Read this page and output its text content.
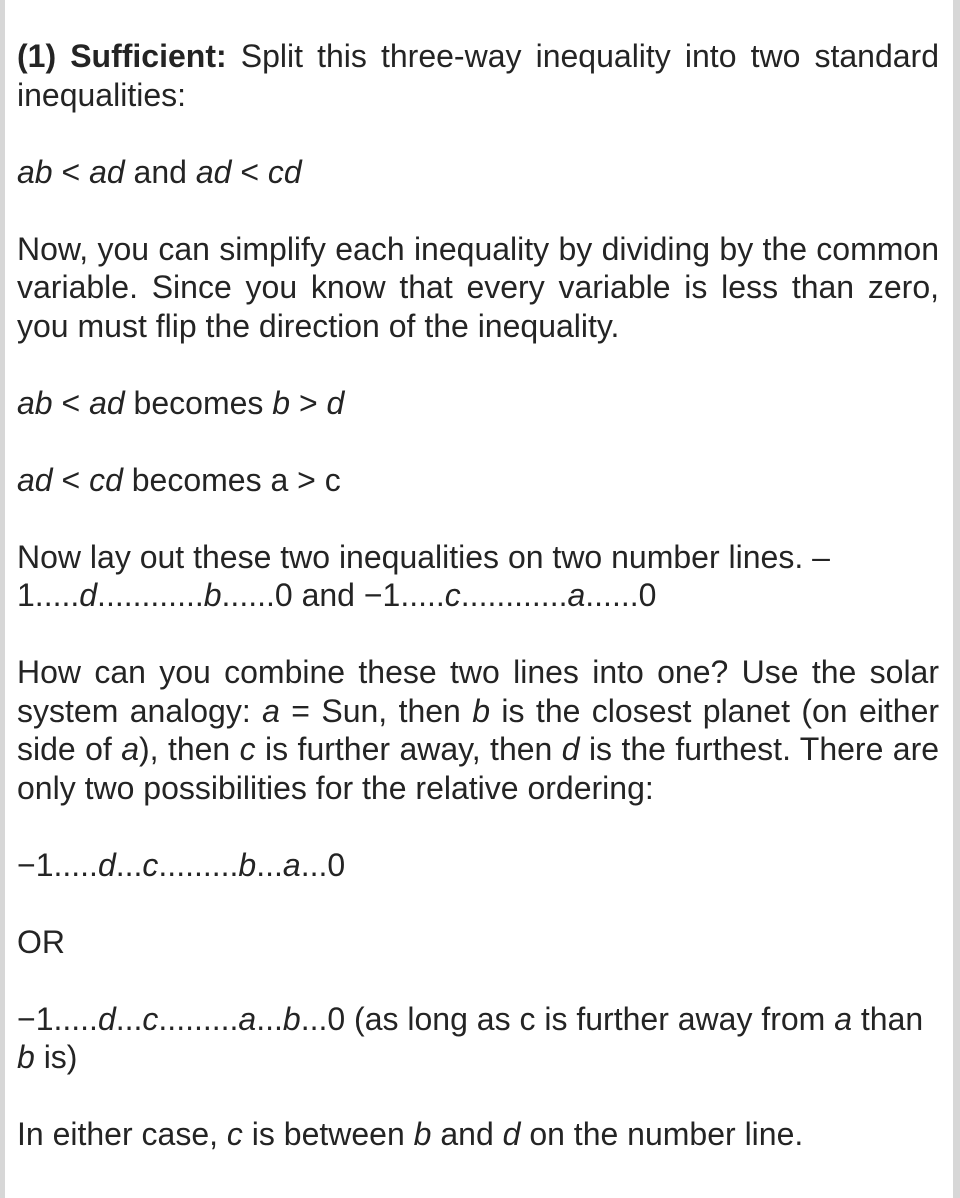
(1) Sufficient: Split this three-way inequality into two standard inequalities:

ab < ad and ad < cd

Now, you can simplify each inequality by dividing by the common variable. Since you know that every variable is less than zero, you must flip the direction of the inequality.

ab < ad becomes b > d

ad < cd becomes a > c

Now lay out these two inequalities on two number lines. –
1.....d............b......0 and −1.....c............a......0

How can you combine these two lines into one? Use the solar system analogy: a = Sun, then b is the closest planet (on either side of a), then c is further away, then d is the furthest. There are only two possibilities for the relative ordering:

−1.....d...c.........b...a...0

OR

−1.....d...c.........a...b...0 (as long as c is further away from a than b is)

In either case, c is between b and d on the number line.
